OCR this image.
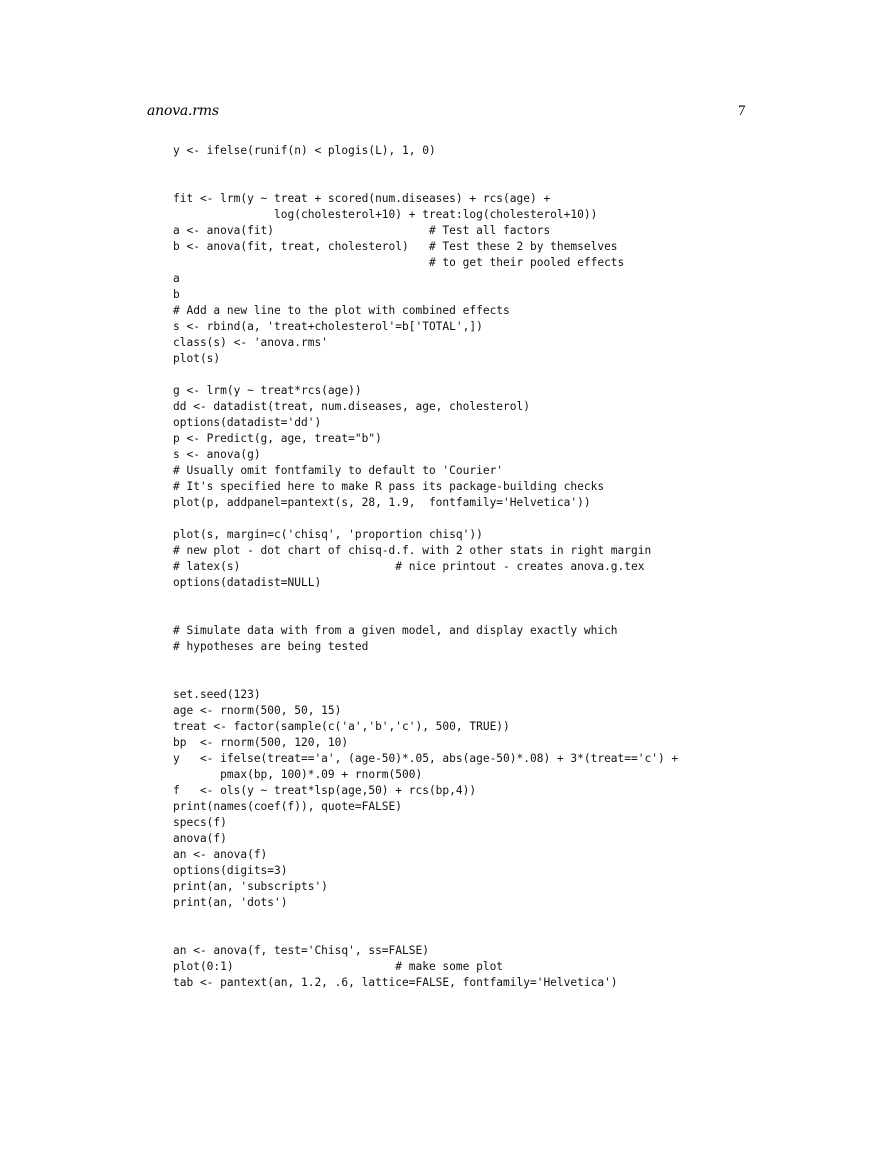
anova.rms	7
y <- ifelse(runif(n) < plogis(L), 1, 0)
fit <- lrm(y ~ treat + scored(num.diseases) + rcs(age) +
log(cholesterol+10) + treat:log(cholesterol+10))
a <- anova(fit)                       # Test all factors
b <- anova(fit, treat, cholesterol)   # Test these 2 by themselves
# to get their pooled effects
a
b
# Add a new line to the plot with combined effects
s <- rbind(a, 'treat+cholesterol'=b['TOTAL',])
class(s) <- 'anova.rms'
plot(s)
g <- lrm(y ~ treat*rcs(age))
dd <- datadist(treat, num.diseases, age, cholesterol)
options(datadist='dd')
p <- Predict(g, age, treat="b")
s <- anova(g)
# Usually omit fontfamily to default to 'Courier'
# It's specified here to make R pass its package-building checks
plot(p, addpanel=pantext(s, 28, 1.9,  fontfamily='Helvetica'))
plot(s, margin=c('chisq', 'proportion chisq'))
# new plot - dot chart of chisq-d.f. with 2 other stats in right margin
# latex(s)                       # nice printout - creates anova.g.tex
options(datadist=NULL)
# Simulate data with from a given model, and display exactly which
# hypotheses are being tested
set.seed(123)
age <- rnorm(500, 50, 15)
treat <- factor(sample(c('a','b','c'), 500, TRUE))
bp  <- rnorm(500, 120, 10)
y   <- ifelse(treat=='a', (age-50)*.05, abs(age-50)*.08) + 3*(treat=='c') +
pmax(bp, 100)*.09 + rnorm(500)
f   <- ols(y ~ treat*lsp(age,50) + rcs(bp,4))
print(names(coef(f)), quote=FALSE)
specs(f)
anova(f)
an <- anova(f)
options(digits=3)
print(an, 'subscripts')
print(an, 'dots')
an <- anova(f, test='Chisq', ss=FALSE)
plot(0:1)                        # make some plot
tab <- pantext(an, 1.2, .6, lattice=FALSE, fontfamily='Helvetica')
